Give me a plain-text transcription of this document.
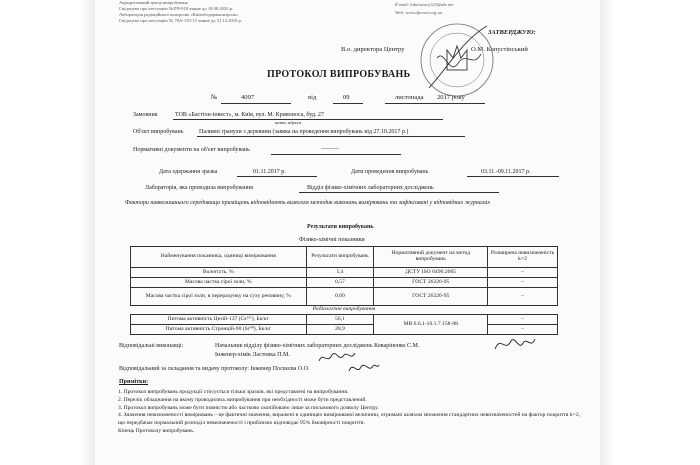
Акредитований центр випробувань
Свідоцтво про атестацію №ПЧ-018 чинне до 19.08.2020 р.
Лабораторія радіаційного контролю «Київоблдержконтроль»
Свідоцтво про атестацію № 70А-133-15 чинне до 31.12.2018 р.
E-mail: laboratory123@ukr.net
Web: www.dpcentr.org.ua
ЗАТВЕРДЖУЮ:
В.о. директора Центру	О.М. Капустінський
ПРОТОКОЛ ВИПРОБУВАНЬ
№	4097	від	09	листопада 2017 року
Замовник	ТОВ «Бастіон-інвест», м. Київ, вул. М. Кривоноса, буд. 27
назва, адреса
Об'єкт випробувань	Паливні гранули з деревини (заявка на проведення випробувань від 27.10.2017 р.)
Нормативні документи на об'єкт випробувань	———
Дата одержання зразка	01.11.2017 р.	Дати проведення випробувань	03.11.-09.11.2017 р.
Лабораторія, яка проводила випробування	Відділ фізико-хімічних лабораторних досліджень
Фактори навколишнього середовища приміщень відповідають вимогам методик виконань вимірювань та зафіксовані у відповідних журналах
Результати випробувань
Фізико-хімічні показники
Найменування показника, одиниці вимірювання	Результати випробувань	Нормативний документ на метод випробувань	Розширена невизначеність k=2
Вологість, %	5,4	ДСТУ ISO 6496:2005	–
Масова частка сірої золи, %	0,57	ГОСТ 26226-95	–
Масова частка сірої золи, в перерахунку на суху речовину, %	0,60	ГОСТ 26226-95	–
Радіологічні випробування			
Питома активність Цезій-137 (Cs¹³⁷), Бк/кг	56,1	МВ 6.6.1-10.1.7.158-08	–
Питома активність Стронцій-90 (Sr⁹⁰), Бк/кг	28,9		–
Відповідальні виконавці:	Начальник відділу фізико-хімічних лабораторних досліджень Коваріненко С.М.
Інженер-хімік Ластовка П.М.
Відповідальний за складання та видачу протоколу: Інженер Посвєєва О.О.
Примітки:
1. Протокол випробувань продукції стосується тільки зразків, які представлені на випробування.
2. Перелік обладнання на якому проводились випробування при необхідності може бути представлений.
3. Протокол випробувань може бути повністю або частково скопійовано лише за письмового дозволу Центру.
4. Значення невизначеності вимірювань – це фактичні значення, виражені в одиницях вимірюваної величини, отримані шляхом множення стандартних невизначеностей на фактор покриття k=2, що передбачає нормальний розподіл невизначеності і приблизно відповідає 95% ймовірності покриття.
Кінець Протоколу випробувань.
